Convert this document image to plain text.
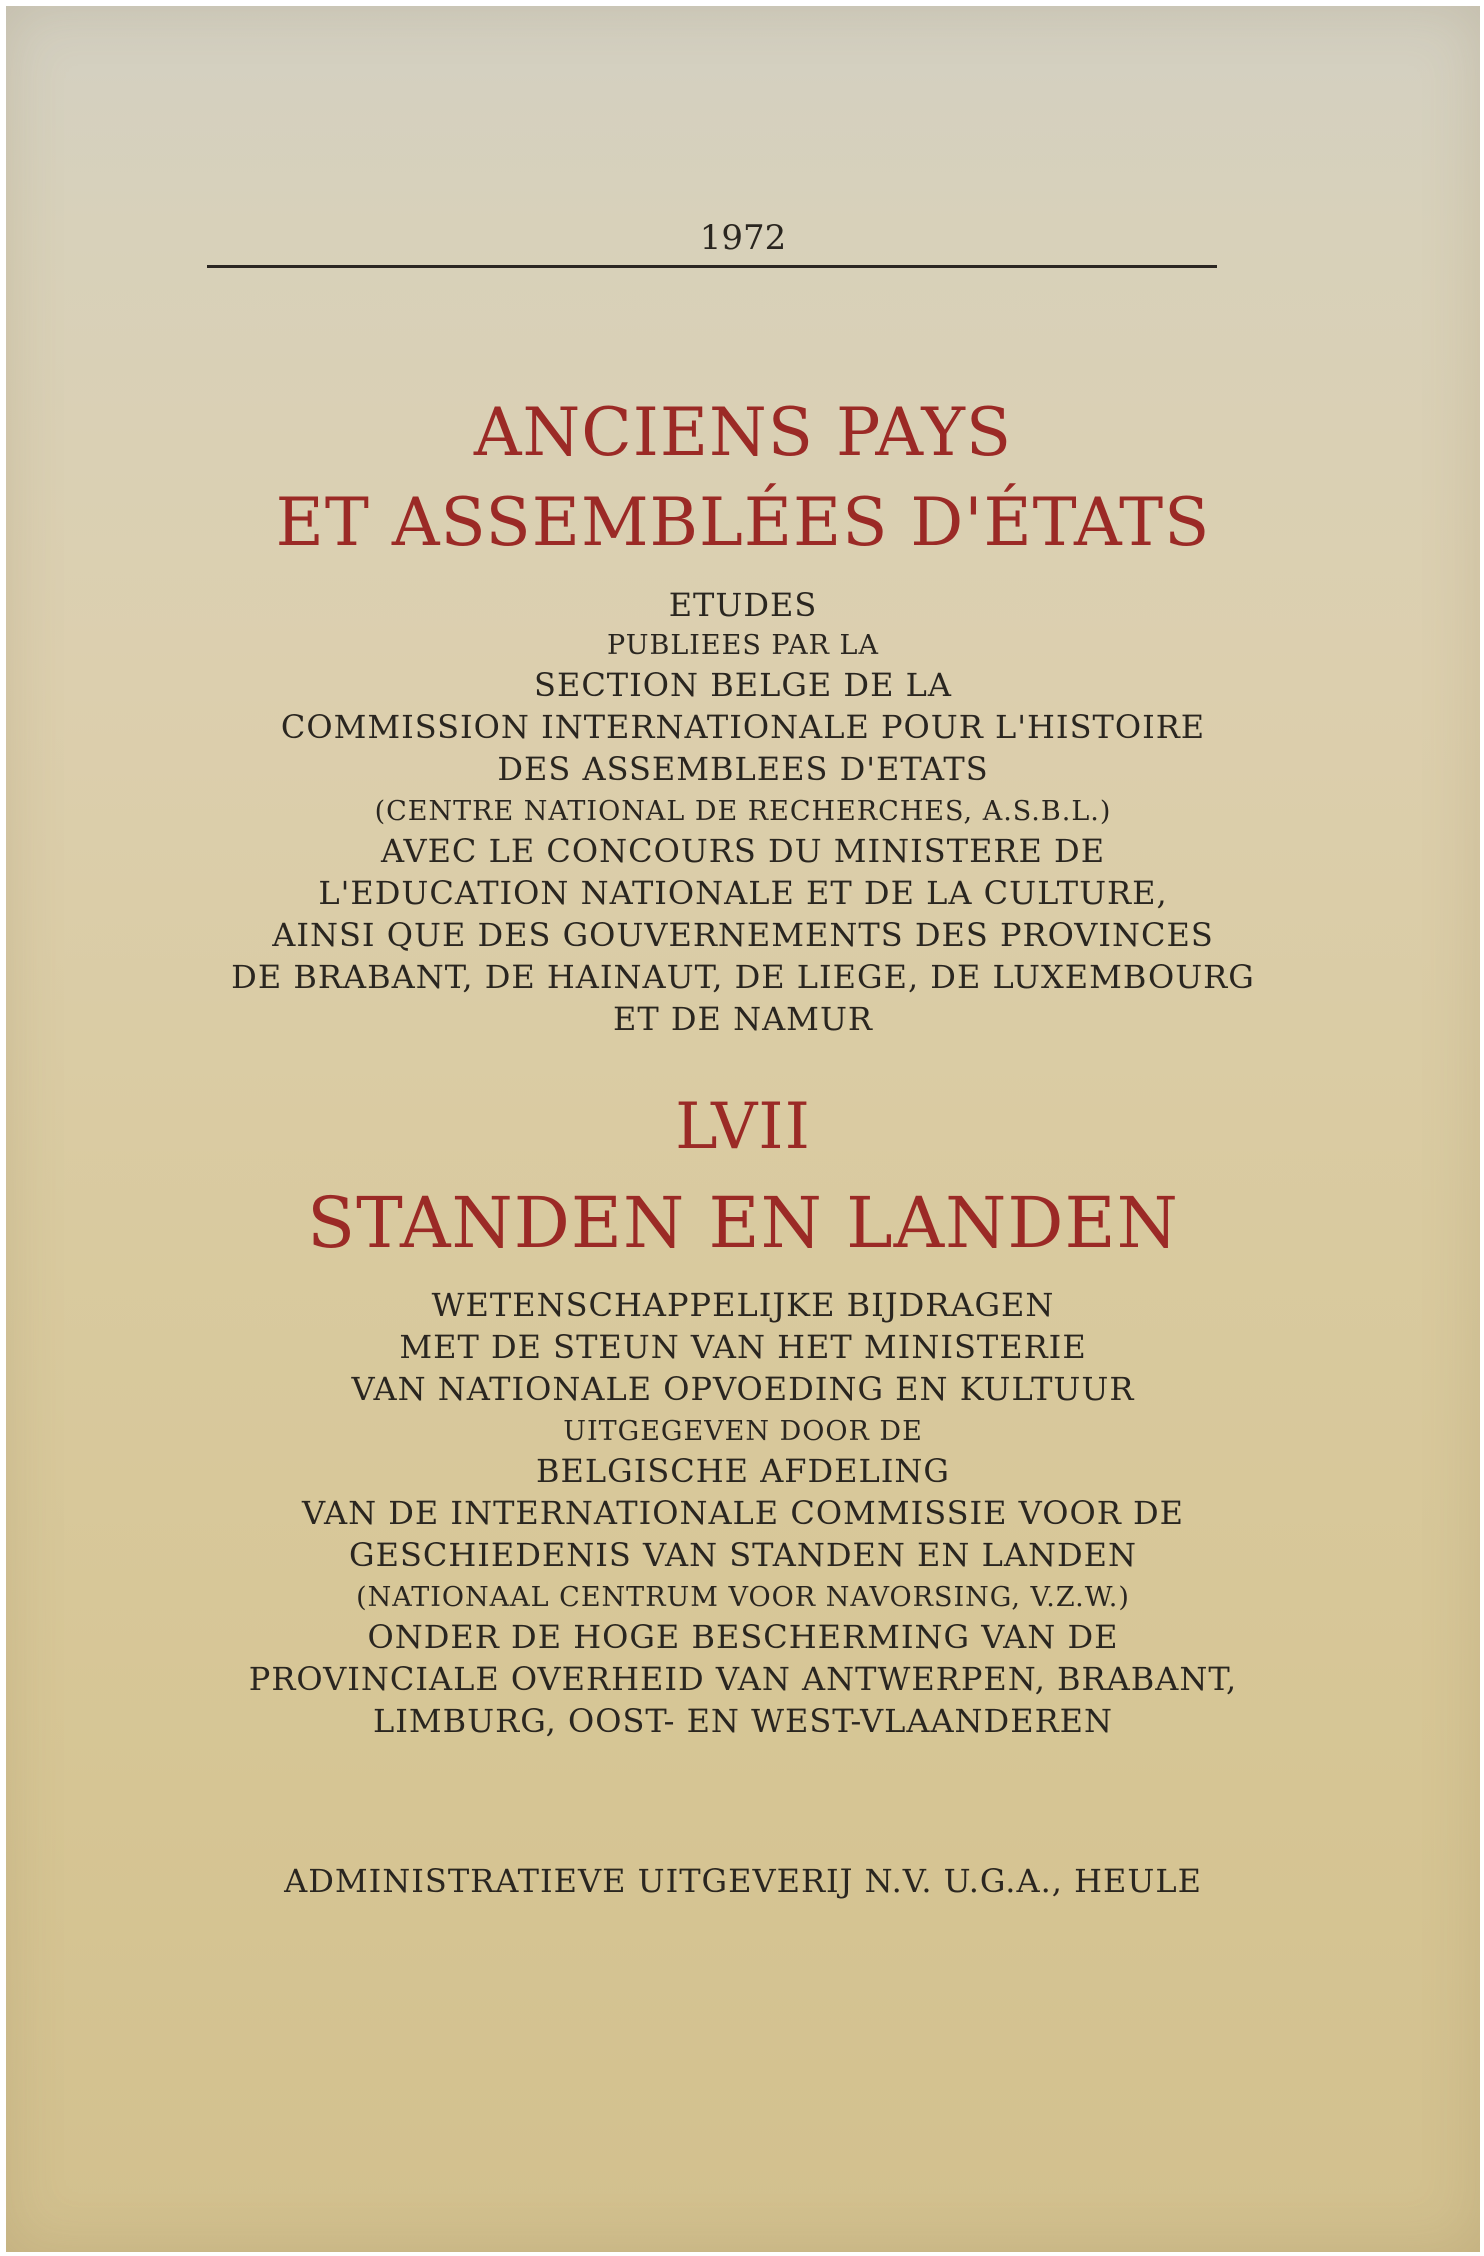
1972
ANCIENS PAYS
ET ASSEMBLÉES D'ÉTATS
ETUDES
PUBLIEES PAR LA
SECTION BELGE DE LA
COMMISSION INTERNATIONALE POUR L'HISTOIRE
DES ASSEMBLEES D'ETATS
(CENTRE NATIONAL DE RECHERCHES, A.S.B.L.)
AVEC LE CONCOURS DU MINISTERE DE
L'EDUCATION NATIONALE ET DE LA CULTURE,
AINSI QUE DES GOUVERNEMENTS DES PROVINCES
DE BRABANT, DE HAINAUT, DE LIEGE, DE LUXEMBOURG
ET DE NAMUR
LVII
STANDEN EN LANDEN
WETENSCHAPPELIJKE BIJDRAGEN
MET DE STEUN VAN HET MINISTERIE
VAN NATIONALE OPVOEDING EN KULTUUR
UITGEGEVEN DOOR DE
BELGISCHE AFDELING
VAN DE INTERNATIONALE COMMISSIE VOOR DE
GESCHIEDENIS VAN STANDEN EN LANDEN
(NATIONAAL CENTRUM VOOR NAVORSING, V.Z.W.)
ONDER DE HOGE BESCHERMING VAN DE
PROVINCIALE OVERHEID VAN ANTWERPEN, BRABANT,
LIMBURG, OOST- EN WEST-VLAANDEREN
ADMINISTRATIEVE UITGEVERIJ N.V. U.G.A., HEULE
